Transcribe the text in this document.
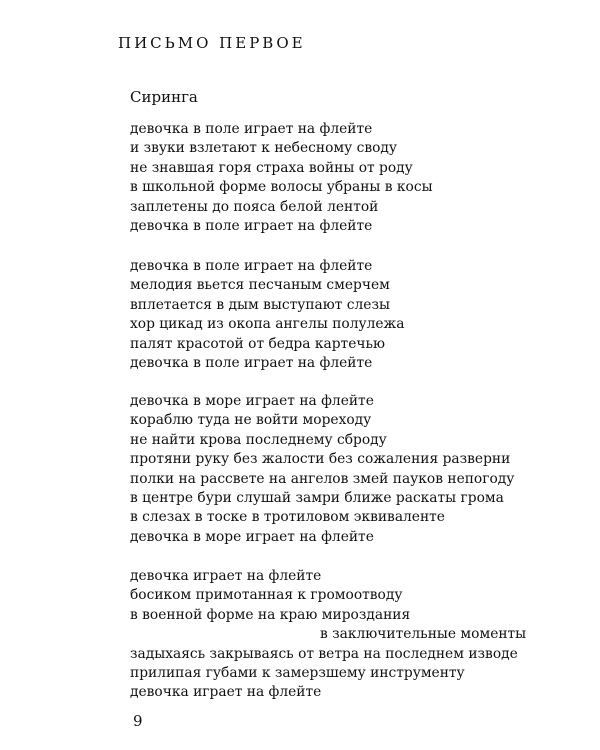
ПИСЬМО ПЕРВОЕ
Сиринга
девочка в поле играет на флейте
и звуки взлетают к небесному своду
не знавшая горя страха войны от роду
в школьной форме волосы убраны в косы
заплетены до пояса белой лентой
девочка в поле играет на флейте
девочка в поле играет на флейте
мелодия вьется песчаным смерчем
вплетается в дым выступают слезы
хор цикад из окопа ангелы полулежа
палят красотой от бедра картечью
девочка в поле играет на флейте
девочка в море играет на флейте
кораблю туда не войти мореходу
не найти крова последнему сброду
протяни руку без жалости без сожаления разверни
полки на рассвете на ангелов змей пауков непогоду
в центре бури слушай замри ближе раскаты грома
в слезах в тоске в тротиловом эквиваленте
девочка в море играет на флейте
девочка играет на флейте
босиком примотанная к громоотводу
в военной форме на краю мироздания
в заключительные моменты
задыхаясь закрываясь от ветра на последнем изводе
прилипая губами к замерзшему инструменту
девочка играет на флейте
9
